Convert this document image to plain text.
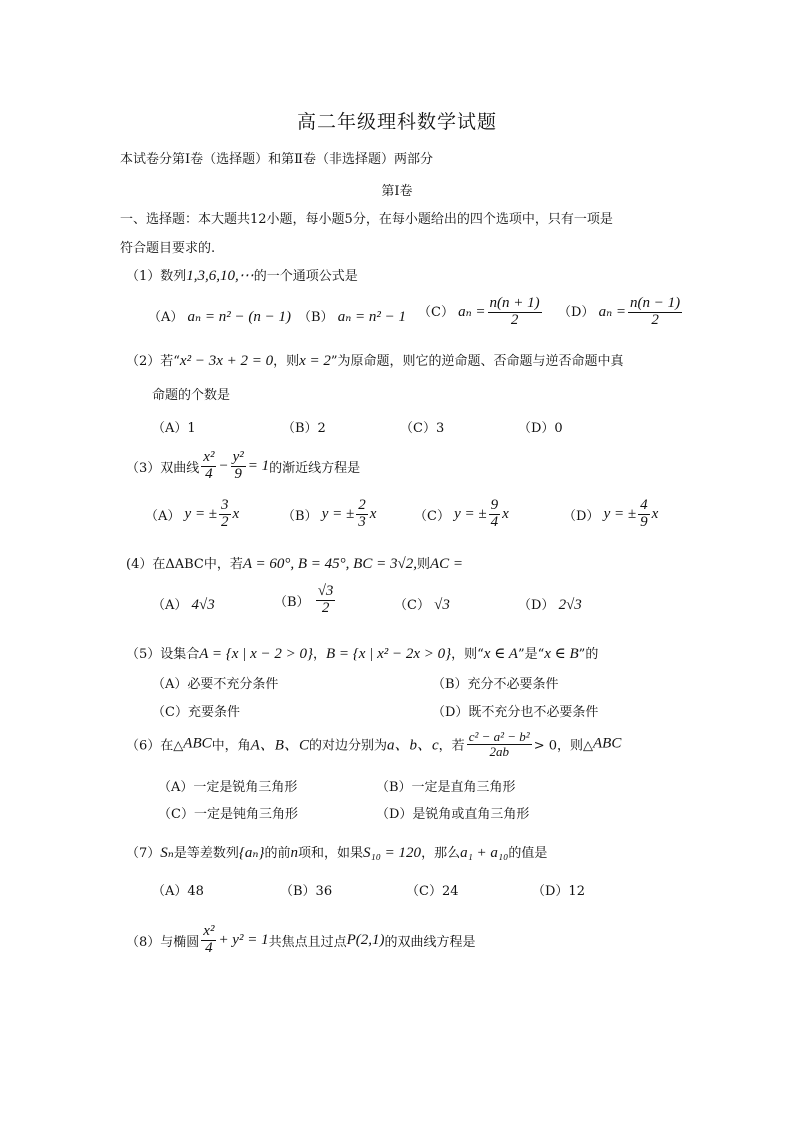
高二年级理科数学试题
本试卷分第Ⅰ卷（选择题）和第Ⅱ卷（非选择题）两部分
第Ⅰ卷
一、选择题：本大题共12小题，每小题5分，在每小题给出的四个选项中，只有一项是
符合题目要求的.
（1）数列1,3,6,10,⋯的一个通项公式是
（A） aₙ = n² − (n − 1) （B） aₙ = n² − 1 （C） $a_n = \frac{n(n + 1)}{2} (D) a_n = \frac{n(n - 1)}{2}$
（2）若“x² − 3x + 2 = 0，则x = 2”为原命题，则它的逆命题、否命题与逆否命题中真
命题的个数是
（A）1	（B）2	（C）3	（D）0
（3）双曲线 $\frac{\text{x²}}{4} - \frac{\text{y²}}{9} = 1$的渐近线方程是
（A） y = ± $\frac{3}{2}$ x	（B） y = ± $\frac{2}{3}$ x	（C） y = ± $\frac{9}{4}$ x	（D） y = ± $\frac{4}{9}$ x
(4）在ΔABC中，若A = 60°, B = 45°, BC = 3√2,则AC =
（A） 4√3	$(B) \frac{√3}{2}$	（C） √3	（D） 2√3
（5）设集合A = {x | x − 2 > 0}，B = {x | x² − 2x > 0}，则“x ∈ A”是“x ∈ B”的
（A）必要不充分条件	（B）充分不必要条件
（C）充要条件	（D）既不充分也不必要条件
（6）在△ABC中，角A、B、C的对边分别为a、b、c，若 $\frac{\text{c² − a² − b²}}{2ab} > 0$，则△ABC
（A）一定是锐角三角形	（B）一定是直角三角形
（C）一定是钝角三角形	（D）是锐角或直角三角形
（7）Sₙ是等差数列{aₙ}的前n项和，如果S₁₀ = 120，那么a₁ + a₁₀的值是
（A）48	（B）36	（C）24	（D）12
（8）与椭圆 $\frac{\text{x²}}{4} + y^2 = 1$共焦点且过点P(2,1)的双曲线方程是
